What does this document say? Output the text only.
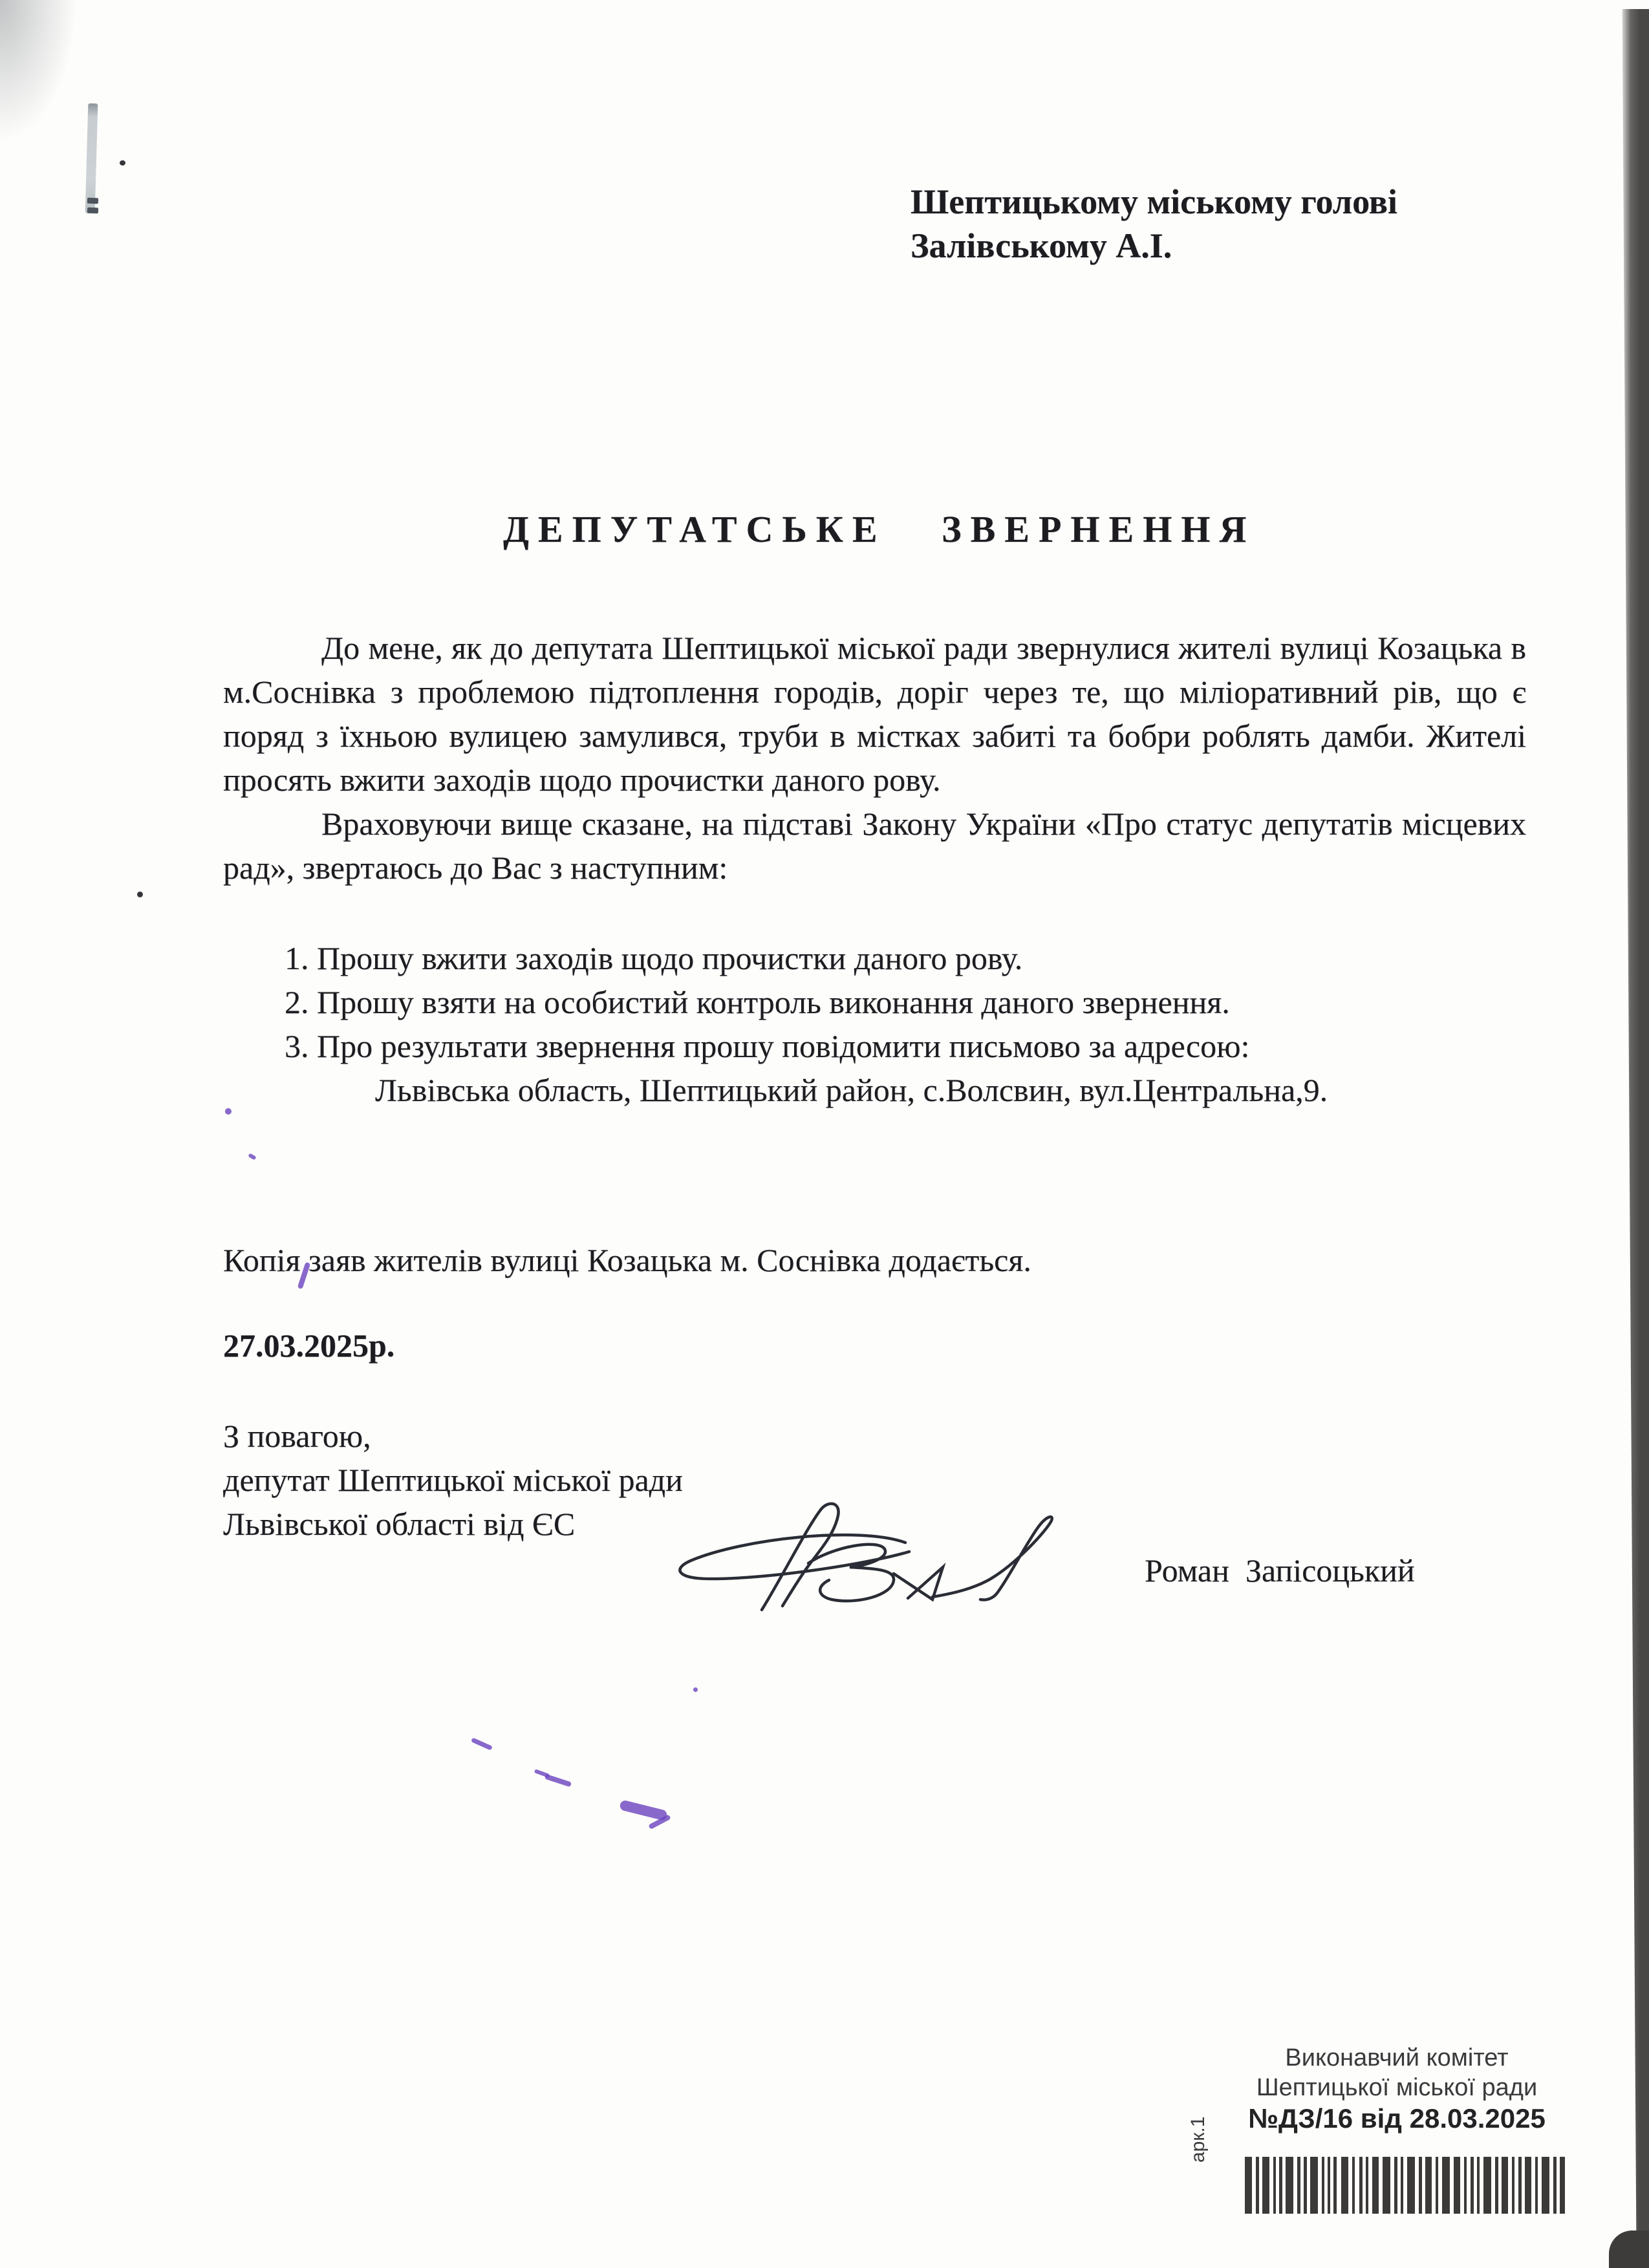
Шептицькому міському голові
Залівському А.І.
ДЕПУТАТСЬКЕ   ЗВЕРНЕННЯ

До мене, як до депутата Шептицької міської ради звернулися жителі вулиці Козацька в м.Соснівка з проблемою підтоплення городів, доріг через те, що міліоративний рів, що є поряд з їхньою вулицею замулився, труби в містках забиті та бобри роблять дамби. Жителі просять вжити заходів щодо прочистки даного рову.

Враховуючи вище сказане, на підставі Закону України «Про статус депутатів місцевих рад», звертаюсь до Вас з наступним:

1. Прошу вжити заходів щодо прочистки даного рову.
2. Прошу взяти на особистий контроль виконання даного звернення.
3. Про результати звернення прошу повідомити письмово за адресою:
Львівська область, Шептицький район, с.Волсвин, вул.Центральна,9.
Копія заяв жителів вулиці Козацька м. Соснівка додається.
27.03.2025р.
З повагою,
депутат Шептицької міської ради
Львівської області від ЄС
Роман  Запісоцький
Виконавчий комітет
Шептицької міської ради
№ДЗ/16 від 28.03.2025
арк.1
